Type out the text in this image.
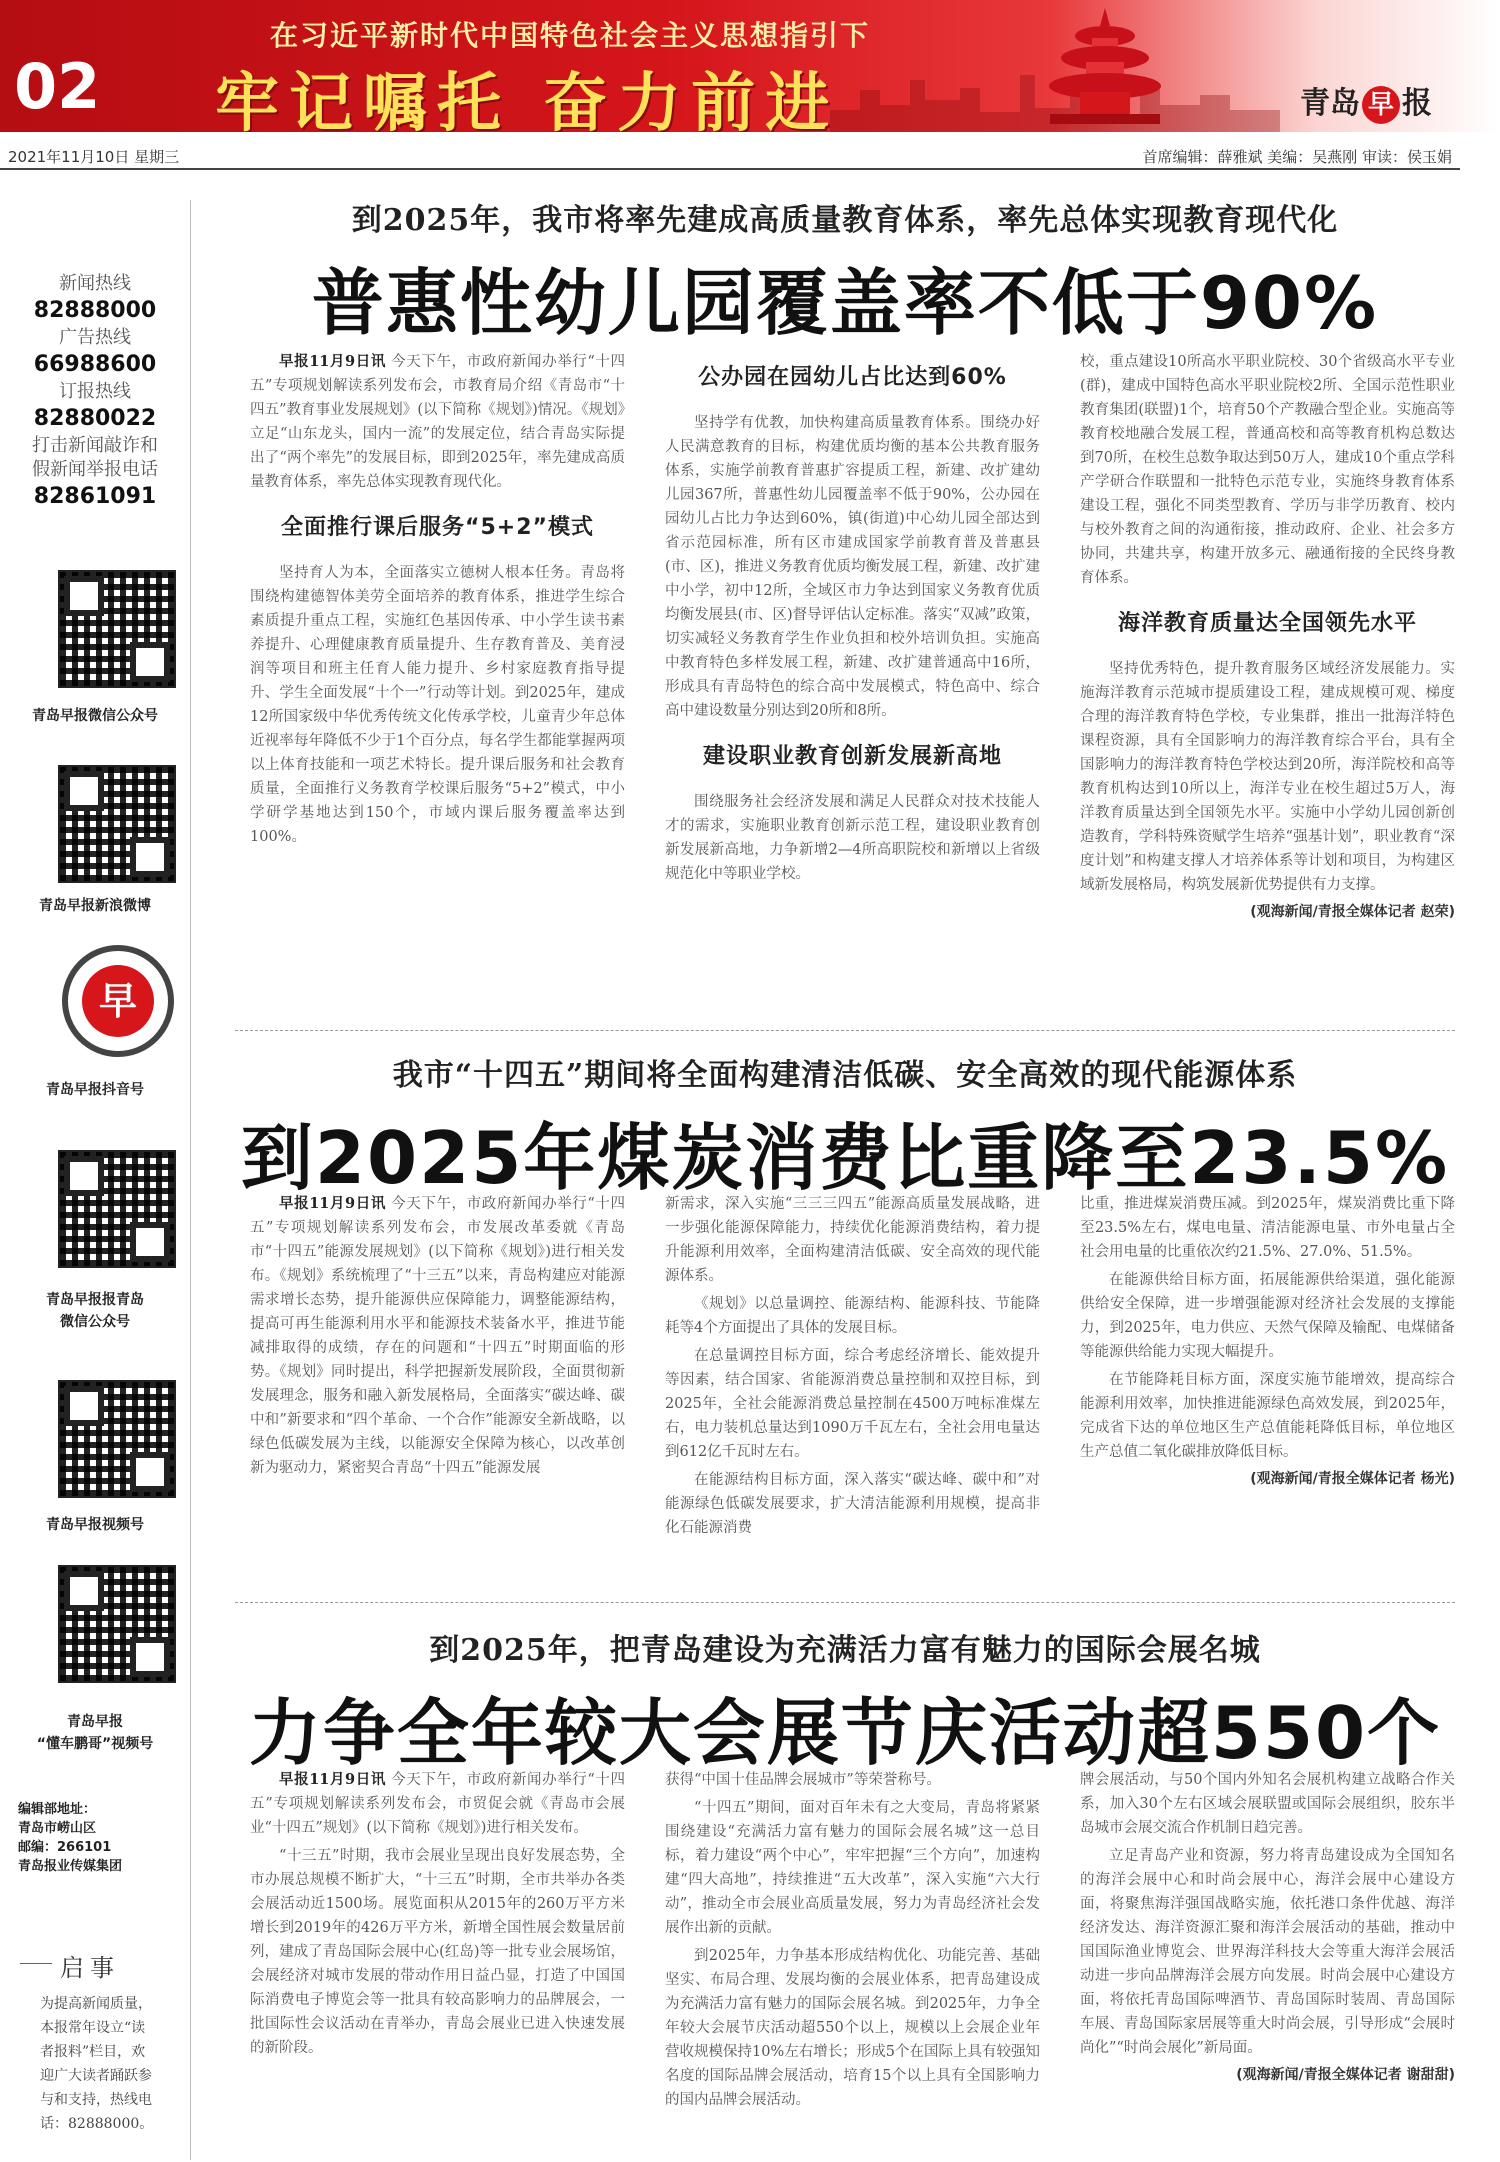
02
在习近平新时代中国特色社会主义思想指引下
牢记嘱托 奋力前进	青岛 早 报
2021年11月10日 星期三	首席编辑：薛雅斌 美编：吴燕刚 审读：侯玉娟
新闻热线
82888000
广告热线
66988600
订报热线
82880022
打击新闻敲诈和
假新闻举报电话
82861091
青岛早报微信公众号
青岛早报新浪微博
早
青岛早报抖音号
青岛早报报青岛
微信公众号
青岛早报视频号
青岛早报
“懂车鹏哥”视频号
编辑部地址：
青岛市崂山区
邮编：266101
青岛报业传媒集团
启事
为提高新闻质量，本报常年设立“读者报料”栏目，欢迎广大读者踊跃参与和支持，热线电话：82888000。
到2025年，我市将率先建成高质量教育体系，率先总体实现教育现代化
普惠性幼儿园覆盖率不低于90%

早报11月9日讯 今天下午，市政府新闻办举行“十四五”专项规划解读系列发布会，市教育局介绍《青岛市“十四五”教育事业发展规划》(以下简称《规划》)情况。《规划》立足“山东龙头，国内一流”的发展定位，结合青岛实际提出了“两个率先”的发展目标，即到2025年，率先建成高质量教育体系，率先总体实现教育现代化。

全面推行课后服务“5+2”模式

坚持育人为本，全面落实立德树人根本任务。青岛将围绕构建德智体美劳全面培养的教育体系，推进学生综合素质提升重点工程，实施红色基因传承、中小学生读书素养提升、心理健康教育质量提升、生存教育普及、美育浸润等项目和班主任育人能力提升、乡村家庭教育指导提升、学生全面发展“十个一”行动等计划。到2025年，建成12所国家级中华优秀传统文化传承学校，儿童青少年总体近视率每年降低不少于1个百分点，每名学生都能掌握两项以上体育技能和一项艺术特长。提升课后服务和社会教育质量，全面推行义务教育学校课后服务“5+2”模式，中小学研学基地达到150个，市域内课后服务覆盖率达到100%。

公办园在园幼儿占比达到60%

坚持学有优教，加快构建高质量教育体系。围绕办好人民满意教育的目标，构建优质均衡的基本公共教育服务体系，实施学前教育普惠扩容提质工程，新建、改扩建幼儿园367所，普惠性幼儿园覆盖率不低于90%，公办园在园幼儿占比力争达到60%，镇(街道)中心幼儿园全部达到省示范园标准，所有区市建成国家学前教育普及普惠县(市、区)，推进义务教育优质均衡发展工程，新建、改扩建中小学，初中12所，全域区市力争达到国家义务教育优质均衡发展县(市、区)督导评估认定标准。落实“双减”政策，切实减轻义务教育学生作业负担和校外培训负担。实施高中教育特色多样发展工程，新建、改扩建普通高中16所，形成具有青岛特色的综合高中发展模式，特色高中、综合高中建设数量分别达到20所和8所。

建设职业教育创新发展新高地

围绕服务社会经济发展和满足人民群众对技术技能人才的需求，实施职业教育创新示范工程，建设职业教育创新发展新高地，力争新增2—4所高职院校和新增以上省级规范化中等职业学校。

校，重点建设10所高水平职业院校、30个省级高水平专业(群)，建成中国特色高水平职业院校2所、全国示范性职业教育集团(联盟)1个，培育50个产教融合型企业。实施高等教育校地融合发展工程，普通高校和高等教育机构总数达到70所，在校生总数争取达到50万人，建成10个重点学科产学研合作联盟和一批特色示范专业，实施终身教育体系建设工程，强化不同类型教育、学历与非学历教育、校内与校外教育之间的沟通衔接，推动政府、企业、社会多方协同，共建共享，构建开放多元、融通衔接的全民终身教育体系。

海洋教育质量达全国领先水平

坚持优秀特色，提升教育服务区域经济发展能力。实施海洋教育示范城市提质建设工程，建成规模可观、梯度合理的海洋教育特色学校，专业集群，推出一批海洋特色课程资源，具有全国影响力的海洋教育综合平台，具有全国影响力的海洋教育特色学校达到20所，海洋院校和高等教育机构达到10所以上，海洋专业在校生超过5万人，海洋教育质量达到全国领先水平。实施中小学幼儿园创新创造教育，学科特殊资赋学生培养“强基计划”，职业教育“深度计划”和构建支撑人才培养体系等计划和项目，为构建区域新发展格局，构筑发展新优势提供有力支撑。

(观海新闻/青报全媒体记者 赵荣)
我市“十四五”期间将全面构建清洁低碳、安全高效的现代能源体系
到2025年煤炭消费比重降至23.5%

早报11月9日讯 今天下午，市政府新闻办举行“十四五”专项规划解读系列发布会，市发展改革委就《青岛市“十四五”能源发展规划》(以下简称《规划》)进行相关发布。《规划》系统梳理了“十三五”以来，青岛构建应对能源需求增长态势，提升能源供应保障能力，调整能源结构，提高可再生能源利用水平和能源技术装备水平，推进节能减排取得的成绩，存在的问题和“十四五”时期面临的形势。《规划》同时提出，科学把握新发展阶段，全面贯彻新发展理念，服务和融入新发展格局，全面落实“碳达峰、碳中和”新要求和“四个革命、一个合作”能源安全新战略，以绿色低碳发展为主线，以能源安全保障为核心，以改革创新为驱动力，紧密契合青岛“十四五”能源发展

新需求，深入实施“三三三四五”能源高质量发展战略，进一步强化能源保障能力，持续优化能源消费结构，着力提升能源利用效率，全面构建清洁低碳、安全高效的现代能源体系。

《规划》以总量调控、能源结构、能源科技、节能降耗等4个方面提出了具体的发展目标。

在总量调控目标方面，综合考虑经济增长、能效提升等因素，结合国家、省能源消费总量控制和双控目标，到2025年，全社会能源消费总量控制在4500万吨标准煤左右，电力装机总量达到1090万千瓦左右，全社会用电量达到612亿千瓦时左右。

在能源结构目标方面，深入落实“碳达峰、碳中和”对能源绿色低碳发展要求，扩大清洁能源利用规模，提高非化石能源消费

比重，推进煤炭消费压减。到2025年，煤炭消费比重下降至23.5%左右，煤电电量、清洁能源电量、市外电量占全社会用电量的比重依次约21.5%、27.0%、51.5%。

在能源供给目标方面，拓展能源供给渠道，强化能源供给安全保障，进一步增强能源对经济社会发展的支撑能力，到2025年，电力供应、天然气保障及输配、电煤储备等能源供给能力实现大幅提升。

在节能降耗目标方面，深度实施节能增效，提高综合能源利用效率，加快推进能源绿色高效发展，到2025年，完成省下达的单位地区生产总值能耗降低目标，单位地区生产总值二氧化碳排放降低目标。

(观海新闻/青报全媒体记者 杨光)
到2025年，把青岛建设为充满活力富有魅力的国际会展名城
力争全年较大会展节庆活动超550个

早报11月9日讯 今天下午，市政府新闻办举行“十四五”专项规划解读系列发布会，市贸促会就《青岛市会展业“十四五”规划》(以下简称《规划》)进行相关发布。

“十三五”时期，我市会展业呈现出良好发展态势，全市办展总规模不断扩大，“十三五”时期，全市共举办各类会展活动近1500场。展览面积从2015年的260万平方米增长到2019年的426万平方米，新增全国性展会数量居前列，建成了青岛国际会展中心(红岛)等一批专业会展场馆，会展经济对城市发展的带动作用日益凸显，打造了中国国际消费电子博览会等一批具有较高影响力的品牌展会，一批国际性会议活动在青举办，青岛会展业已进入快速发展的新阶段。

获得“中国十佳品牌会展城市”等荣誉称号。

“十四五”期间，面对百年未有之大变局，青岛将紧紧围绕建设“充满活力富有魅力的国际会展名城”这一总目标，着力建设“两个中心”，牢牢把握“三个方向”，加速构建“四大高地”，持续推进“五大改革”，深入实施“六大行动”，推动全市会展业高质量发展，努力为青岛经济社会发展作出新的贡献。

到2025年，力争基本形成结构优化、功能完善、基础坚实、布局合理、发展均衡的会展业体系，把青岛建设成为充满活力富有魅力的国际会展名城。到2025年，力争全年较大会展节庆活动超550个以上，规模以上会展企业年营收规模保持10%左右增长；形成5个在国际上具有较强知名度的国际品牌会展活动，培育15个以上具有全国影响力的国内品牌会展活动。

牌会展活动，与50个国内外知名会展机构建立战略合作关系，加入30个左右区域会展联盟或国际会展组织，胶东半岛城市会展交流合作机制日趋完善。

立足青岛产业和资源，努力将青岛建设成为全国知名的海洋会展中心和时尚会展中心，海洋会展中心建设方面，将聚焦海洋强国战略实施，依托港口条件优越、海洋经济发达、海洋资源汇聚和海洋会展活动的基础，推动中国国际渔业博览会、世界海洋科技大会等重大海洋会展活动进一步向品牌海洋会展方向发展。时尚会展中心建设方面，将依托青岛国际啤酒节、青岛国际时装周、青岛国际车展、青岛国际家居展等重大时尚会展，引导形成“会展时尚化”“时尚会展化”新局面。

(观海新闻/青报全媒体记者 谢甜甜)
